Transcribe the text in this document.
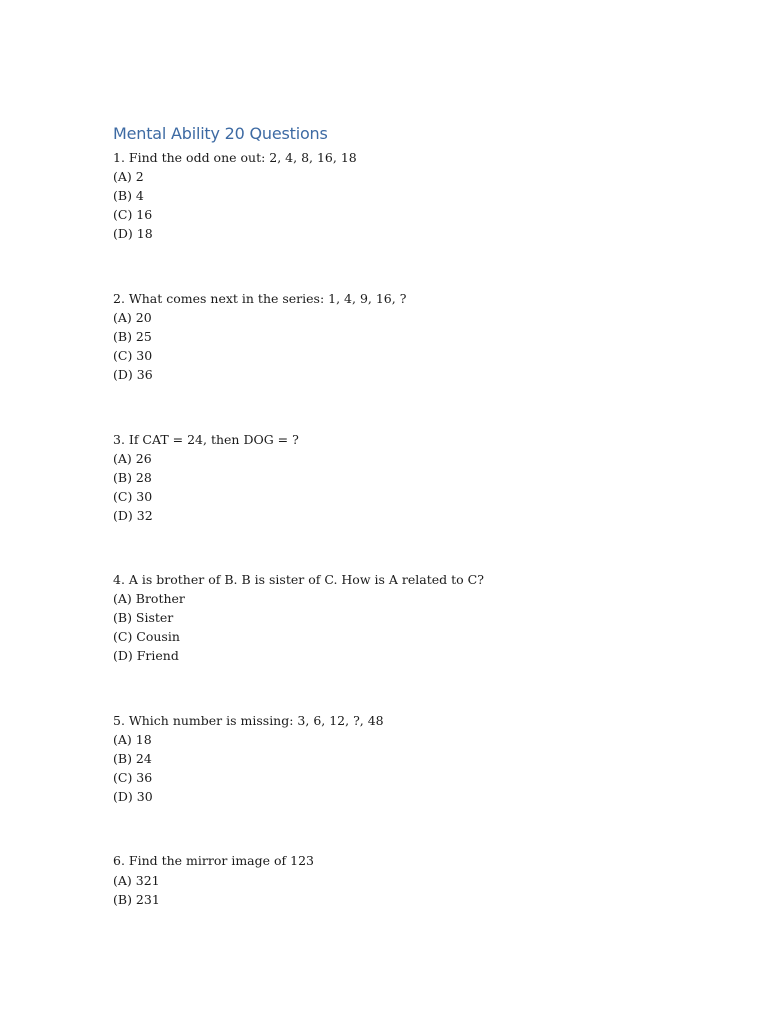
Mental Ability 20 Questions
1. Find the odd one out: 2, 4, 8, 16, 18
(A) 2
(B) 4
(C) 16
(D) 18
2. What comes next in the series: 1, 4, 9, 16, ?
(A) 20
(B) 25
(C) 30
(D) 36
3. If CAT = 24, then DOG = ?
(A) 26
(B) 28
(C) 30
(D) 32
4. A is brother of B. B is sister of C. How is A related to C?
(A) Brother
(B) Sister
(C) Cousin
(D) Friend
5. Which number is missing: 3, 6, 12, ?, 48
(A) 18
(B) 24
(C) 36
(D) 30
6. Find the mirror image of 123
(A) 321
(B) 231
